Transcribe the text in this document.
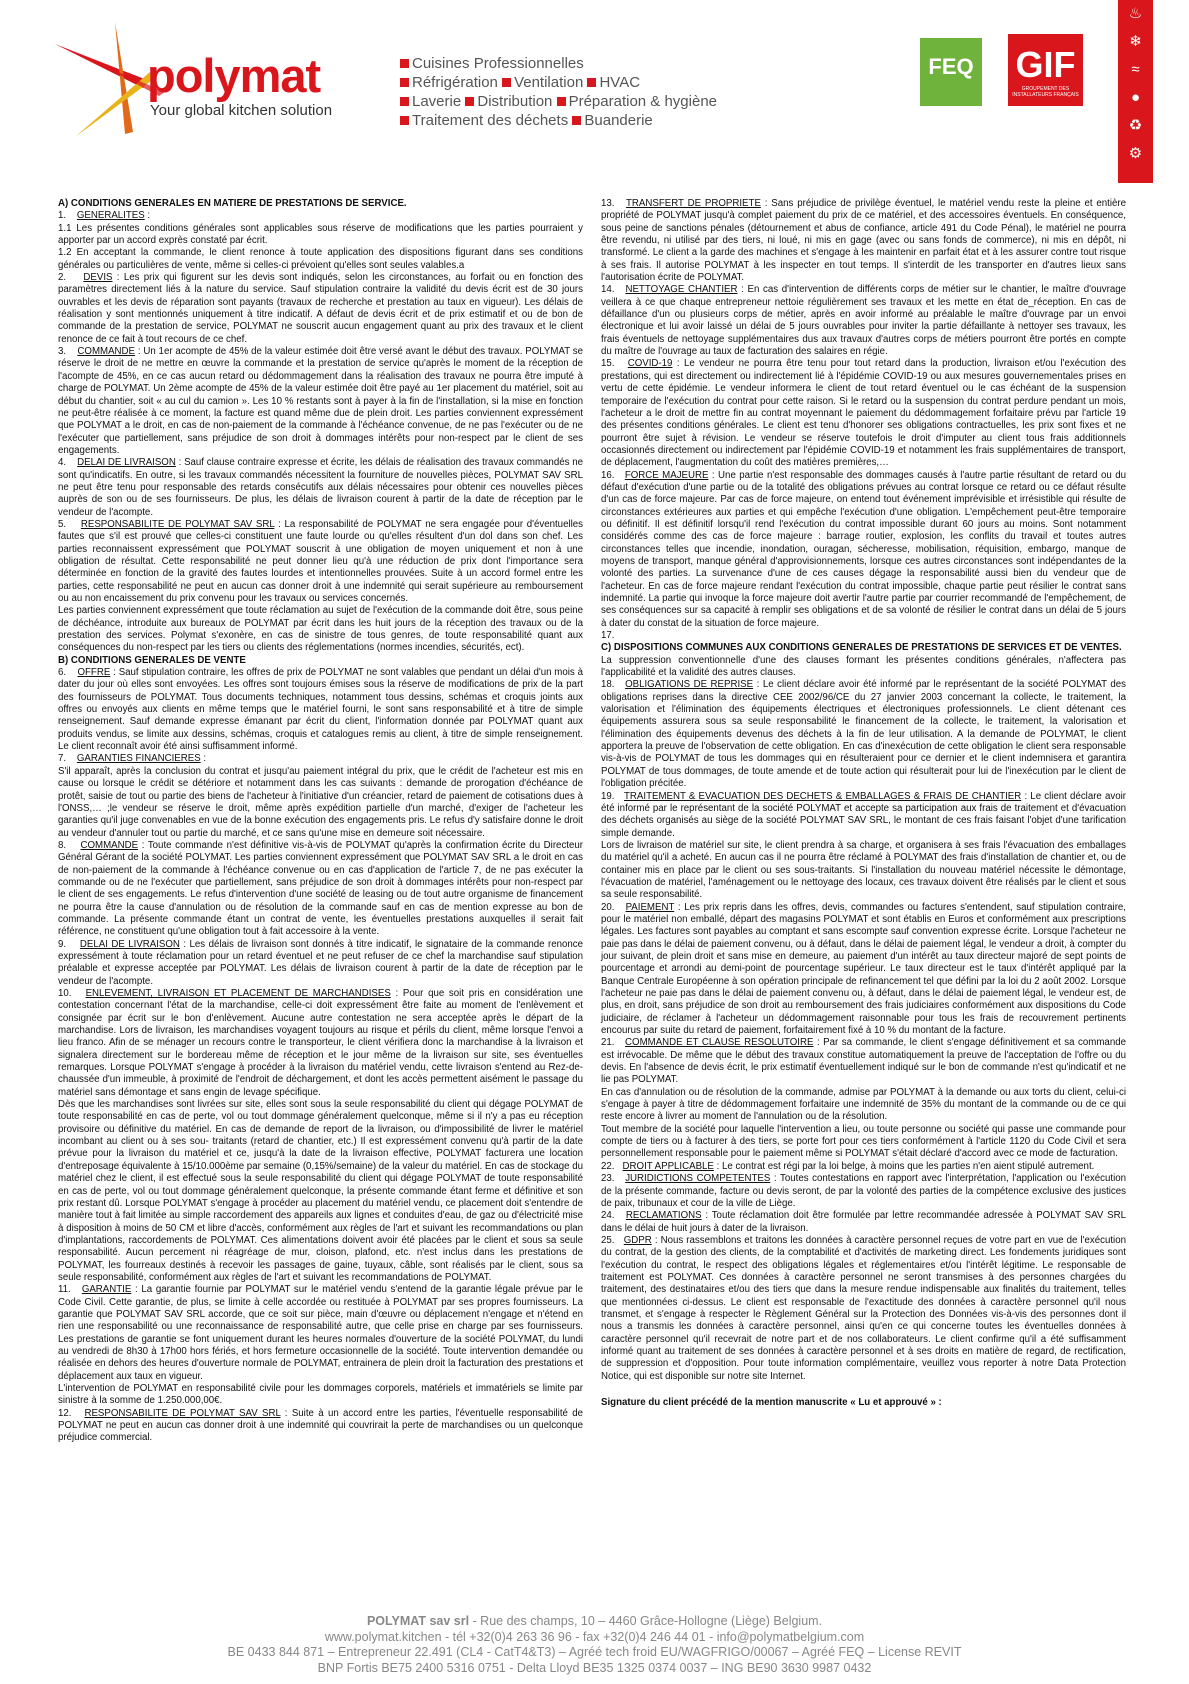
polymat
Your global kitchen solution
Cuisines Professionnelles
Réfrigération Ventilation HVAC
Laverie Distribution Préparation & hygiène
Traitement des déchets Buanderie
FEQ GIF
GROUPEMENT DES INSTALLATEURS FRANÇAIS
♨
❄
≈
●
♻
⚙

A) CONDITIONS GENERALES EN MATIERE DE PRESTATIONS DE SERVICE.

1. GENERALITES :

1.1 Les présentes conditions générales sont applicables sous réserve de modifications que les parties pourraient y apporter par un accord exprès constaté par écrit.

1.2 En acceptant la commande, le client renonce à toute application des dispositions figurant dans ses conditions générales ou particulières de vente, même si celles-ci prévoient qu'elles sont seules valables.a

2. DEVIS : Les prix qui figurent sur les devis sont indiqués, selon les circonstances, au forfait ou en fonction des paramètres directement liés à la nature du service. Sauf stipulation contraire la validité du devis écrit est de 30 jours ouvrables et les devis de réparation sont payants (travaux de recherche et prestation au taux en vigueur). Les délais de réalisation y sont mentionnés uniquement à titre indicatif. A défaut de devis écrit et de prix estimatif et ou de bon de commande de la prestation de service, POLYMAT ne souscrit aucun engagement quant au prix des travaux et le client renonce de ce fait à tout recours de ce chef.

3. COMMANDE : Un 1er acompte de 45% de la valeur estimée doit être versé avant le début des travaux. POLYMAT se réserve le droit de ne mettre en œuvre la commande et la prestation de service qu'après le moment de la réception de l'acompte de 45%, en ce cas aucun retard ou dédommagement dans la réalisation des travaux ne pourra être imputé à charge de POLYMAT. Un 2ème acompte de 45% de la valeur estimée doit être payé au 1er placement du matériel, soit au début du chantier, soit « au cul du camion ». Les 10 % restants sont à payer à la fin de l'installation, si la mise en fonction ne peut-être réalisée à ce moment, la facture est quand même due de plein droit. Les parties conviennent expressément que POLYMAT a le droit, en cas de non-paiement de la commande à l'échéance convenue, de ne pas l'exécuter ou de ne l'exécuter que partiellement, sans préjudice de son droit à dommages intérêts pour non-respect par le client de ses engagements.

4. DELAI DE LIVRAISON : Sauf clause contraire expresse et écrite, les délais de réalisation des travaux commandés ne sont qu'indicatifs. En outre, si les travaux commandés nécessitent la fourniture de nouvelles pièces, POLYMAT SAV SRL ne peut être tenu pour responsable des retards consécutifs aux délais nécessaires pour obtenir ces nouvelles pièces auprès de son ou de ses fournisseurs. De plus, les délais de livraison courent à partir de la date de réception par le vendeur de l'acompte.

5. RESPONSABILITE DE POLYMAT SAV SRL : La responsabilité de POLYMAT ne sera engagée pour d'éventuelles fautes que s'il est prouvé que celles-ci constituent une faute lourde ou qu'elles résultent d'un dol dans son chef. Les parties reconnaissent expressément que POLYMAT souscrit à une obligation de moyen uniquement et non à une obligation de résultat. Cette responsabilité ne peut donner lieu qu'à une réduction de prix dont l'importance sera déterminée en fonction de la gravité des fautes lourdes et intentionnelles prouvées. Suite à un accord formel entre les parties, cette responsabilité ne peut en aucun cas donner droit à une indemnité qui serait supérieure au remboursement ou au non encaissement du prix convenu pour les travaux ou services concernés.

Les parties conviennent expressément que toute réclamation au sujet de l'exécution de la commande doit être, sous peine de déchéance, introduite aux bureaux de POLYMAT par écrit dans les huit jours de la réception des travaux ou de la prestation des services. Polymat s'exonère, en cas de sinistre de tous genres, de toute responsabilité quant aux conséquences du non-respect par les tiers ou clients des réglementations (normes incendies, sécurités, ect).

B) CONDITIONS GENERALES DE VENTE

6. OFFRE : Sauf stipulation contraire, les offres de prix de POLYMAT ne sont valables que pendant un délai d'un mois à dater du jour où elles sont envoyées. Les offres sont toujours émises sous la réserve de modifications de prix de la part des fournisseurs de POLYMAT. Tous documents techniques, notamment tous dessins, schémas et croquis joints aux offres ou envoyés aux clients en même temps que le matériel fourni, le sont sans responsabilité et à titre de simple renseignement. Sauf demande expresse émanant par écrit du client, l'information donnée par POLYMAT quant aux produits vendus, se limite aux dessins, schémas, croquis et catalogues remis au client, à titre de simple renseignement. Le client reconnaît avoir été ainsi suffisamment informé.

7. GARANTIES FINANCIERES :

S'il apparaît, après la conclusion du contrat et jusqu'au paiement intégral du prix, que le crédit de l'acheteur est mis en cause ou lorsque le crédit se détériore et notamment dans les cas suivants : demande de prorogation d'échéance de protêt, saisie de tout ou partie des biens de l'acheteur à l'initiative d'un créancier, retard de paiement de cotisations dues à l'ONSS,… ;le vendeur se réserve le droit, même après expédition partielle d'un marché, d'exiger de l'acheteur les garanties qu'il juge convenables en vue de la bonne exécution des engagements pris. Le refus d'y satisfaire donne le droit au vendeur d'annuler tout ou partie du marché, et ce sans qu'une mise en demeure soit nécessaire.

8. COMMANDE : Toute commande n'est définitive vis-à-vis de POLYMAT qu'après la confirmation écrite du Directeur Général Gérant de la société POLYMAT. Les parties conviennent expressément que POLYMAT SAV SRL a le droit en cas de non-paiement de la commande à l'échéance convenue ou en cas d'application de l'article 7, de ne pas exécuter la commande ou de ne l'exécuter que partiellement, sans préjudice de son droit à dommages intérêts pour non-respect par le client de ses engagements. Le refus d'intervention d'une société de leasing ou de tout autre organisme de financement ne pourra être la cause d'annulation ou de résolution de la commande sauf en cas de mention expresse au bon de commande. La présente commande étant un contrat de vente, les éventuelles prestations auxquelles il serait fait référence, ne constituent qu'une obligation tout à fait accessoire à la vente.

9. DELAI DE LIVRAISON : Les délais de livraison sont donnés à titre indicatif, le signataire de la commande renonce expressément à toute réclamation pour un retard éventuel et ne peut refuser de ce chef la marchandise sauf stipulation préalable et expresse acceptée par POLYMAT. Les délais de livraison courent à partir de la date de réception par le vendeur de l'acompte.

10. ENLEVEMENT, LIVRAISON ET PLACEMENT DE MARCHANDISES : Pour que soit pris en considération une contestation concernant l'état de la marchandise, celle-ci doit expressément être faite au moment de l'enlèvement et consignée par écrit sur le bon d'enlèvement. Aucune autre contestation ne sera acceptée après le départ de la marchandise. Lors de livraison, les marchandises voyagent toujours au risque et périls du client, même lorsque l'envoi a lieu franco. Afin de se ménager un recours contre le transporteur, le client vérifiera donc la marchandise à la livraison et signalera directement sur le bordereau même de réception et le jour même de la livraison sur site, ses éventuelles remarques. Lorsque POLYMAT s'engage à procéder à la livraison du matériel vendu, cette livraison s'entend au Rez-de-chaussée d'un immeuble, à proximité de l'endroit de déchargement, et dont les accès permettent aisément le passage du matériel sans démontage et sans engin de levage spécifique.

Dès que les marchandises sont livrées sur site, elles sont sous la seule responsabilité du client qui dégage POLYMAT de toute responsabilité en cas de perte, vol ou tout dommage généralement quelconque, même si il n'y a pas eu réception provisoire ou définitive du matériel. En cas de demande de report de la livraison, ou d'impossibilité de livrer le matériel incombant au client ou à ses sou- traitants (retard de chantier, etc.) Il est expressément convenu qu'à partir de la date prévue pour la livraison du matériel et ce, jusqu'à la date de la livraison effective, POLYMAT facturera une location d'entreposage équivalente à 15/10.000ème par semaine (0,15%/semaine) de la valeur du matériel. En cas de stockage du matériel chez le client, il est effectué sous la seule responsabilité du client qui dégage POLYMAT de toute responsabilité en cas de perte, vol ou tout dommage généralement quelconque, la présente commande étant ferme et définitive et son prix restant dû. Lorsque POLYMAT s'engage à procéder au placement du matériel vendu, ce placement doit s'entendre de manière tout à fait limitée au simple raccordement des appareils aux lignes et conduites d'eau, de gaz ou d'électricité mise à disposition à moins de 50 CM et libre d'accès, conformément aux règles de l'art et suivant les recommandations ou plan d'implantations, raccordements de POLYMAT. Ces alimentations doivent avoir été placées par le client et sous sa seule responsabilité. Aucun percement ni réagréage de mur, cloison, plafond, etc. n'est inclus dans les prestations de POLYMAT, les fourreaux destinés à recevoir les passages de gaine, tuyaux, câble, sont réalisés par le client, sous sa seule responsabilité, conformément aux règles de l'art et suivant les recommandations de POLYMAT.

11. GARANTIE : La garantie fournie par POLYMAT sur le matériel vendu s'entend de la garantie légale prévue par le Code Civil. Cette garantie, de plus, se limite à celle accordée ou restituée à POLYMAT par ses propres fournisseurs. La garantie que POLYMAT SAV SRL accorde, que ce soit sur pièce, main d'œuvre ou déplacement n'engage et n'étend en rien une responsabilité ou une reconnaissance de responsabilité autre, que celle prise en charge par ses fournisseurs. Les prestations de garantie se font uniquement durant les heures normales d'ouverture de la société POLYMAT, du lundi au vendredi de 8h30 à 17h00 hors fériés, et hors fermeture occasionnelle de la société. Toute intervention demandée ou réalisée en dehors des heures d'ouverture normale de POLYMAT, entrainera de plein droit la facturation des prestations et déplacement aux taux en vigueur.

L'intervention de POLYMAT en responsabilité civile pour les dommages corporels, matériels et immatériels se limite par sinistre à la somme de 1.250.000,00€.

12. RESPONSABILITE DE POLYMAT SAV SRL : Suite à un accord entre les parties, l'éventuelle responsabilité de POLYMAT ne peut en aucun cas donner droit à une indemnité qui couvrirait la perte de marchandises ou un quelconque préjudice commercial.

13. TRANSFERT DE PROPRIETE : Sans préjudice de privilège éventuel, le matériel vendu reste la pleine et entière propriété de POLYMAT jusqu'à complet paiement du prix de ce matériel, et des accessoires éventuels. En conséquence, sous peine de sanctions pénales (détournement et abus de confiance, article 491 du Code Pénal), le matériel ne pourra être revendu, ni utilisé par des tiers, ni loué, ni mis en gage (avec ou sans fonds de commerce), ni mis en dépôt, ni transformé. Le client a la garde des machines et s'engage à les maintenir en parfait état et à les assurer contre tout risque à ses frais. Il autorise POLYMAT à les inspecter en tout temps. Il s'interdit de les transporter en d'autres lieux sans l'autorisation écrite de POLYMAT.

14. NETTOYAGE CHANTIER : En cas d'intervention de différents corps de métier sur le chantier, le maître d'ouvrage veillera à ce que chaque entrepreneur nettoie régulièrement ses travaux et les mette en état de_réception. En cas de défaillance d'un ou plusieurs corps de métier, après en avoir informé au préalable le maître d'ouvrage par un envoi électronique et lui avoir laissé un délai de 5 jours ouvrables pour inviter la partie défaillante à nettoyer ses travaux, les frais éventuels de nettoyage supplémentaires dus aux travaux d'autres corps de métiers pourront être portés en compte du maître de l'ouvrage au taux de facturation des salaires en régie.

15. COVID-19 : Le vendeur ne pourra être tenu pour tout retard dans la production, livraison et/ou l'exécution des prestations, qui est directement ou indirectement lié à l'épidémie COVID-19 ou aux mesures gouvernementales prises en vertu de cette épidémie. Le vendeur informera le client de tout retard éventuel ou le cas échéant de la suspension temporaire de l'exécution du contrat pour cette raison. Si le retard ou la suspension du contrat perdure pendant un mois, l'acheteur a le droit de mettre fin au contrat moyennant le paiement du dédommagement forfaitaire prévu par l'article 19 des présentes conditions générales. Le client est tenu d'honorer ses obligations contractuelles, les prix sont fixes et ne pourront être sujet à révision. Le vendeur se réserve toutefois le droit d'imputer au client tous frais additionnels occasionnés directement ou indirectement par l'épidémie COVID-19 et notamment les frais supplémentaires de transport, de déplacement, l'augmentation du coût des matières premières,…

16. FORCE MAJEURE : Une partie n'est responsable des dommages causés à l'autre partie résultant de retard ou du défaut d'exécution d'une partie ou de la totalité des obligations prévues au contrat lorsque ce retard ou ce défaut résulte d'un cas de force majeure. Par cas de force majeure, on entend tout événement imprévisible et irrésistible qui résulte de circonstances extérieures aux parties et qui empêche l'exécution d'une obligation. L'empêchement peut-être temporaire ou définitif. Il est définitif lorsqu'il rend l'exécution du contrat impossible durant 60 jours au moins. Sont notamment considérés comme des cas de force majeure : barrage routier, explosion, les conflits du travail et toutes autres circonstances telles que incendie, inondation, ouragan, sécheresse, mobilisation, réquisition, embargo, manque de moyens de transport, manque général d'approvisionnements, lorsque ces autres circonstances sont indépendantes de la volonté des parties. La survenance d'une de ces causes dégage la responsabilité aussi bien du vendeur que de l'acheteur. En cas de force majeure rendant l'exécution du contrat impossible, chaque partie peut résilier le contrat sans indemnité. La partie qui invoque la force majeure doit avertir l'autre partie par courrier recommandé de l'empêchement, de ses conséquences sur sa capacité à remplir ses obligations et de sa volonté de résilier le contrat dans un délai de 5 jours à dater du constat de la situation de force majeure.

17.

C) DISPOSITIONS COMMUNES AUX CONDITIONS GENERALES DE PRESTATIONS DE SERVICES ET DE VENTES.

La suppression conventionnelle d'une des clauses formant les présentes conditions générales, n'affectera pas l'applicabilité et la validité des autres clauses.

18. OBLIGATIONS DE REPRISE : Le client déclare avoir été informé par le représentant de la société POLYMAT des obligations reprises dans la directive CEE 2002/96/CE du 27 janvier 2003 concernant la collecte, le traitement, la valorisation et l'élimination des équipements électriques et électroniques professionnels. Le client détenant ces équipements assurera sous sa seule responsabilité le financement de la collecte, le traitement, la valorisation et l'élimination des équipements devenus des déchets à la fin de leur utilisation. A la demande de POLYMAT, le client apportera la preuve de l'observation de cette obligation. En cas d'inexécution de cette obligation le client sera responsable vis-à-vis de POLYMAT de tous les dommages qui en résulteraient pour ce dernier et le client indemnisera et garantira POLYMAT de tous dommages, de toute amende et de toute action qui résulterait pour lui de l'inexécution par le client de l'obligation précitée.

19. TRAITEMENT & EVACUATION DES DECHETS & EMBALLAGES & FRAIS DE CHANTIER : Le client déclare avoir été informé par le représentant de la société POLYMAT et accepte sa participation aux frais de traitement et d'évacuation des déchets organisés au siège de la société POLYMAT SAV SRL, le montant de ces frais faisant l'objet d'une tarification simple demande.

Lors de livraison de matériel sur site, le client prendra à sa charge, et organisera à ses frais l'évacuation des emballages du matériel qu'il a acheté. En aucun cas il ne pourra être réclamé à POLYMAT des frais d'installation de chantier et, ou de container mis en place par le client ou ses sous-traitants. Si l'installation du nouveau matériel nécessite le démontage, l'évacuation de matériel, l'aménagement ou le nettoyage des locaux, ces travaux doivent être réalisés par le client et sous sa seule responsabilité.

20. PAIEMENT : Les prix repris dans les offres, devis, commandes ou factures s'entendent, sauf stipulation contraire, pour le matériel non emballé, départ des magasins POLYMAT et sont établis en Euros et conformément aux prescriptions légales. Les factures sont payables au comptant et sans escompte sauf convention expresse écrite. Lorsque l'acheteur ne paie pas dans le délai de paiement convenu, ou à défaut, dans le délai de paiement légal, le vendeur a droit, à compter du jour suivant, de plein droit et sans mise en demeure, au paiement d'un intérêt au taux directeur majoré de sept points de pourcentage et arrondi au demi-point de pourcentage supérieur. Le taux directeur est le taux d'intérêt appliqué par la Banque Centrale Européenne à son opération principale de refinancement tel que défini par la loi du 2 août 2002. Lorsque l'acheteur ne paie pas dans le délai de paiement convenu ou, à défaut, dans le délai de paiement légal, le vendeur est, de plus, en droit, sans préjudice de son droit au remboursement des frais judiciaires conformément aux dispositions du Code judiciaire, de réclamer à l'acheteur un dédommagement raisonnable pour tous les frais de recouvrement pertinents encourus par suite du retard de paiement, forfaitairement fixé à 10 % du montant de la facture.

21. COMMANDE ET CLAUSE RESOLUTOIRE : Par sa commande, le client s'engage définitivement et sa commande est irrévocable. De même que le début des travaux constitue automatiquement la preuve de l'acceptation de l'offre ou du devis. En l'absence de devis écrit, le prix estimatif éventuellement indiqué sur le bon de commande n'est qu'indicatif et ne lie pas POLYMAT.

En cas d'annulation ou de résolution de la commande, admise par POLYMAT à la demande ou aux torts du client, celui-ci s'engage à payer à titre de dédommagement forfaitaire une indemnité de 35% du montant de la commande ou de ce qui reste encore à livrer au moment de l'annulation ou de la résolution.

Tout membre de la société pour laquelle l'intervention a lieu, ou toute personne ou société qui passe une commande pour compte de tiers ou à facturer à des tiers, se porte fort pour ces tiers conformément à l'article 1120 du Code Civil et sera personnellement responsable pour le paiement même si POLYMAT s'était déclaré d'accord avec ce mode de facturation.

22. DROIT APPLICABLE : Le contrat est régi par la loi belge, à moins que les parties n'en aient stipulé autrement.

23. JURIDICTIONS COMPETENTES : Toutes contestations en rapport avec l'interprétation, l'application ou l'exécution de la présente commande, facture ou devis seront, de par la volonté des parties de la compétence exclusive des justices de paix, tribunaux et cour de la ville de Liège.

24. RECLAMATIONS : Toute réclamation doit être formulée par lettre recommandée adressée à POLYMAT SAV SRL dans le délai de huit jours à dater de la livraison.

25. GDPR : Nous rassemblons et traitons les données à caractère personnel reçues de votre part en vue de l'exécution du contrat, de la gestion des clients, de la comptabilité et d'activités de marketing direct. Les fondements juridiques sont l'exécution du contrat, le respect des obligations légales et réglementaires et/ou l'intérêt légitime. Le responsable de traitement est POLYMAT. Ces données à caractère personnel ne seront transmises à des personnes chargées du traitement, des destinataires et/ou des tiers que dans la mesure rendue indispensable aux finalités du traitement, telles que mentionnées ci-dessus. Le client est responsable de l'exactitude des données à caractère personnel qu'il nous transmet, et s'engage à respecter le Règlement Général sur la Protection des Données vis-à-vis des personnes dont il nous a transmis les données à caractère personnel, ainsi qu'en ce qui concerne toutes les éventuelles données à caractère personnel qu'il recevrait de notre part et de nos collaborateurs. Le client confirme qu'il a été suffisamment informé quant au traitement de ses données à caractère personnel et à ses droits en matière de regard, de rectification, de suppression et d'opposition. Pour toute information complémentaire, veuillez vous reporter à notre Data Protection Notice, qui est disponible sur notre site Internet.

Signature du client précédé de la mention manuscrite « Lu et approuvé » :

POLYMAT sav srl - Rue des champs, 10 – 4460 Grâce-Hollogne (Liège) Belgium.
www.polymat.kitchen - tél +32(0)4 263 36 96 - fax +32(0)4 246 44 01 - info@polymatbelgium.com
BE 0433 844 871 – Entrepreneur 22.491 (CL4 - CatT4&T3) – Agréé tech froid EU/WAGFRIGO/00067 – Agréé FEQ – License REVIT
BNP Fortis BE75 2400 5316 0751 - Delta Lloyd BE35 1325 0374 0037 – ING BE90 3630 9987 0432
